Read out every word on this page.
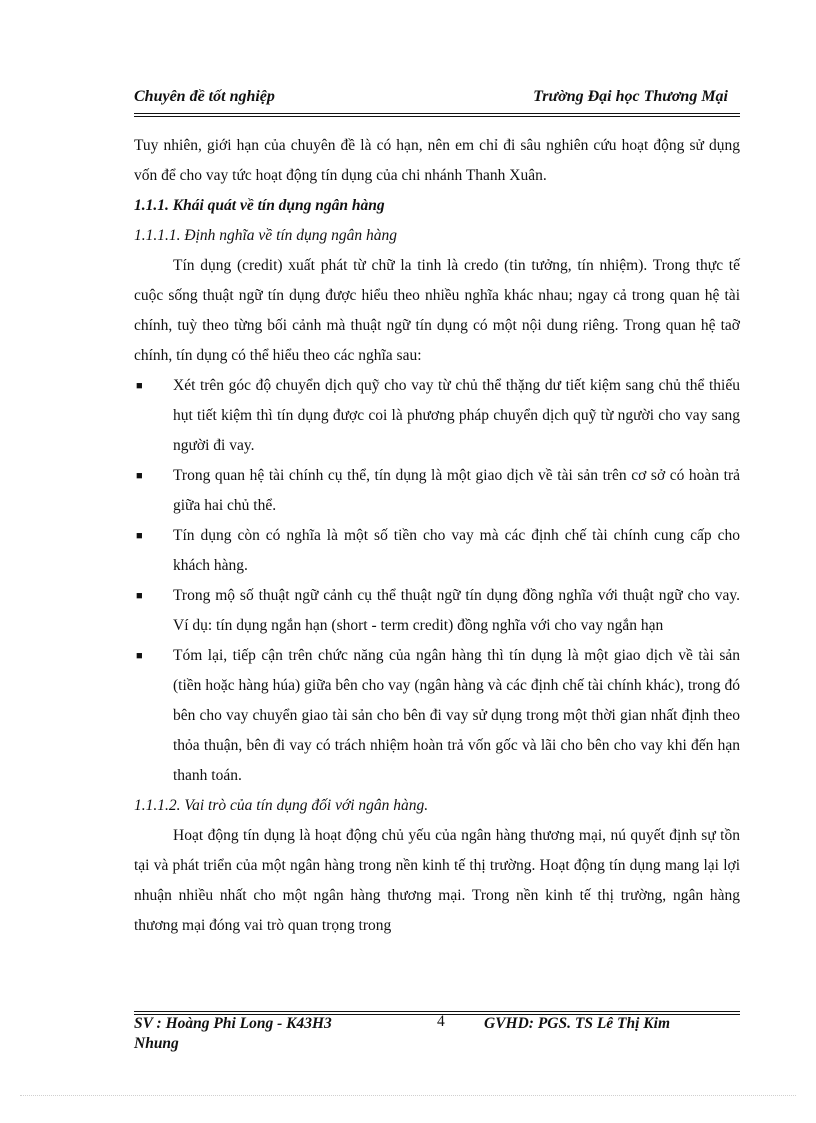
Chuyên đề tốt nghiệp	Trường Đại học Thương Mại

Tuy nhiên, giới hạn của chuyên đề là có hạn, nên em chỉ đi sâu nghiên cứu hoạt động sử dụng vốn để cho vay tức hoạt động tín dụng của chi nhánh Thanh Xuân.

1.1.1. Khái quát về tín dụng ngân hàng

1.1.1.1. Định nghĩa về tín dụng ngân hàng

Tín dụng (credit) xuất phát từ chữ la tinh là credo (tin tưởng, tín nhiệm). Trong thực tế cuộc sống thuật ngữ tín dụng được hiểu theo nhiều nghĩa khác nhau; ngay cả trong quan hệ tài chính, tuỳ theo từng bối cảnh mà thuật ngữ tín dụng có một nội dung riêng. Trong quan hệ taỡ chính, tín dụng có thể hiểu theo các nghĩa sau:

■ Xét trên góc độ chuyển dịch quỹ cho vay từ chủ thể thặng dư tiết kiệm sang chủ thể thiếu hụt tiết kiệm thì tín dụng được coi là phương pháp chuyển dịch quỹ từ người cho vay sang người đi vay.

■ Trong quan hệ tài chính cụ thể, tín dụng là một giao dịch về tài sản trên cơ sở có hoàn trả giữa hai chủ thể.

■ Tín dụng còn có nghĩa là một số tiền cho vay mà các định chế tài chính cung cấp cho khách hàng.

■ Trong mộ số thuật ngữ cảnh cụ thể thuật ngữ tín dụng đồng nghĩa với thuật ngữ cho vay. Ví dụ: tín dụng ngắn hạn (short - term credit) đồng nghĩa với cho vay ngắn hạn

■ Tóm lại, tiếp cận trên chức năng của ngân hàng thì tín dụng là một giao dịch về tài sản (tiền hoặc hàng húa) giữa bên cho vay (ngân hàng và các định chế tài chính khác), trong đó bên cho vay chuyển giao tài sản cho bên đi vay sử dụng trong một thời gian nhất định theo thỏa thuận, bên đi vay có trách nhiệm hoàn trả vốn gốc và lãi cho bên cho vay khi đến hạn thanh toán.

1.1.1.2. Vai trò của tín dụng đối với ngân hàng.

Hoạt động tín dụng là hoạt động chủ yếu của ngân hàng thương mại, nú quyết định sự tồn tại và phát triển của một ngân hàng trong nền kinh tế thị trường. Hoạt động tín dụng mang lại lợi nhuận nhiều nhất cho một ngân hàng thương mại. Trong nền kinh tế thị trường, ngân hàng thương mại đóng vai trò quan trọng trong

SV : Hoàng Phi Long - K43H3	4	GVHD: PGS. TS Lê Thị Kim
Nhung
